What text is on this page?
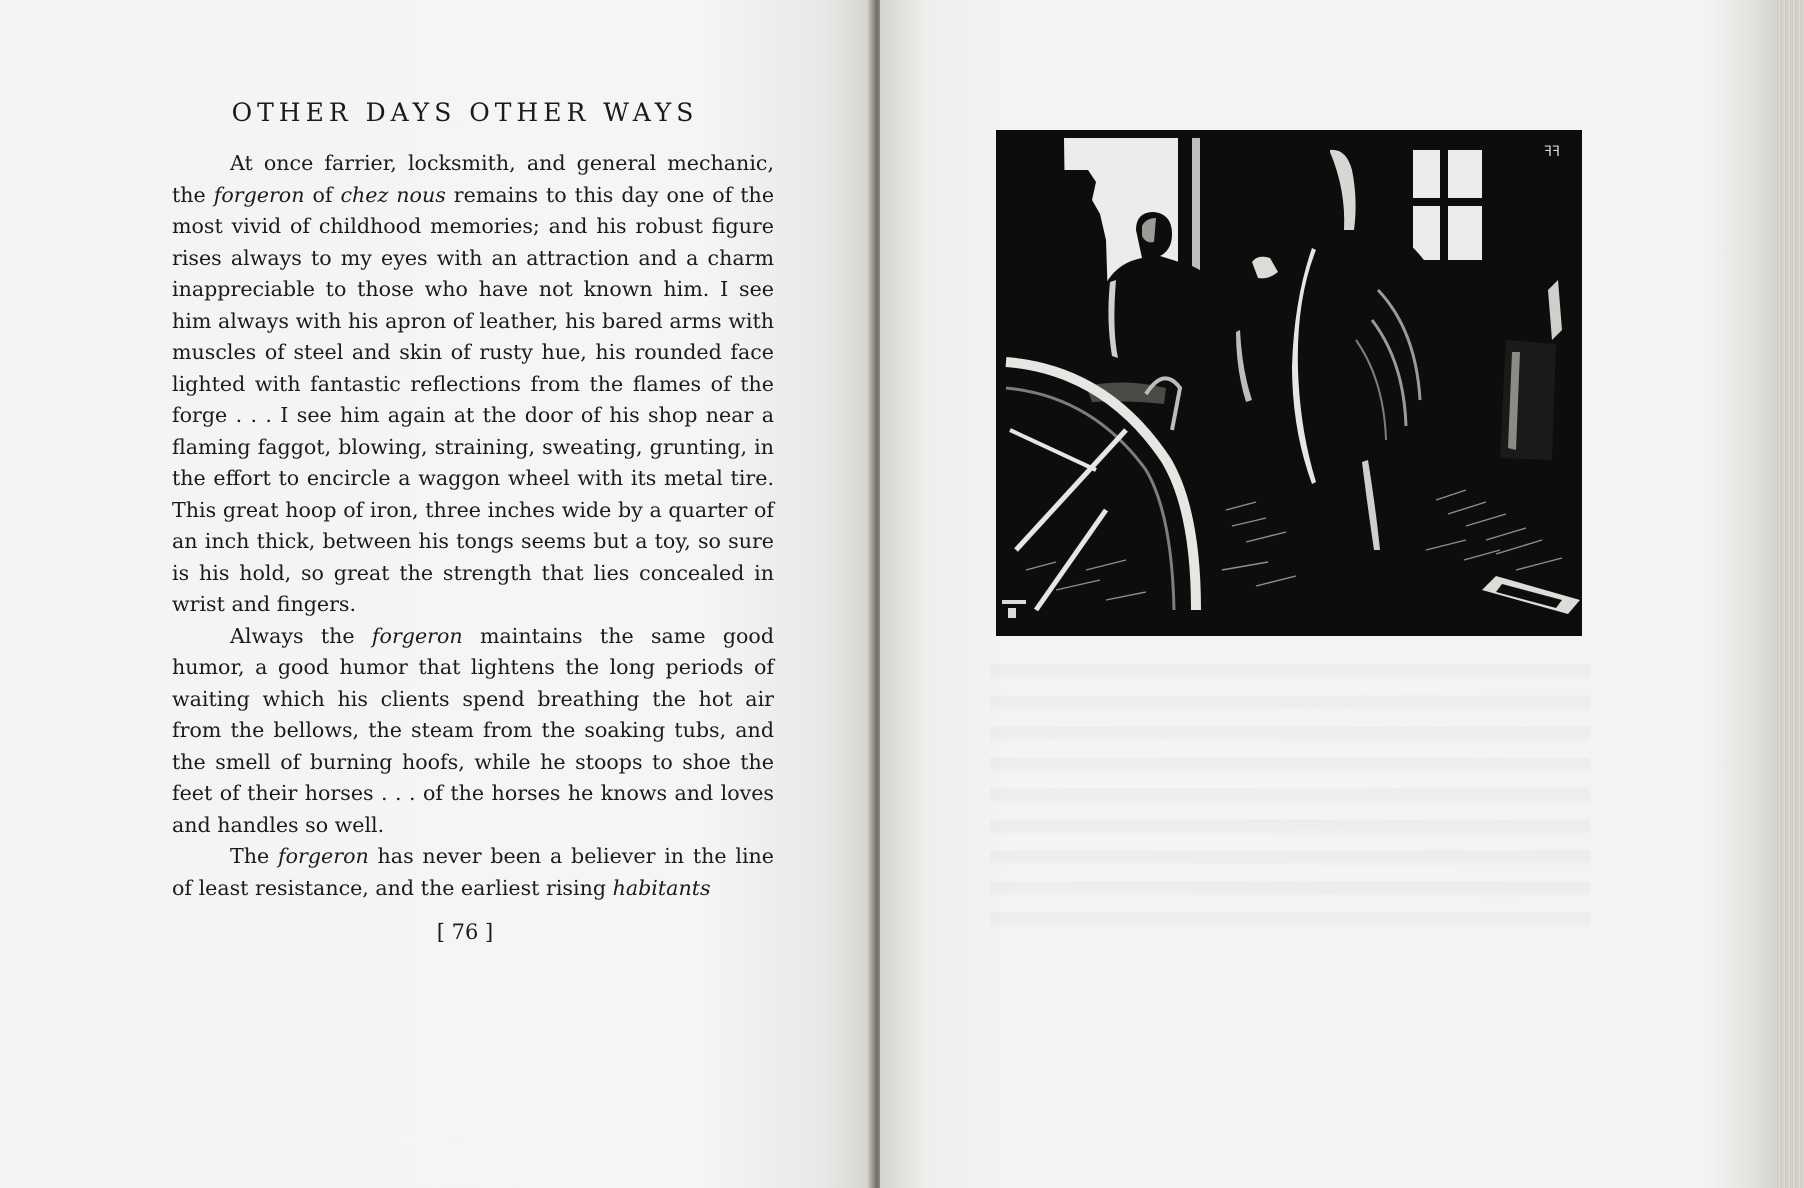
OTHER DAYS OTHER WAYS

At once farrier, locksmith, and general mechanic, the forgeron of chez nous remains to this day one of the most vivid of childhood memories; and his robust figure rises always to my eyes with an attraction and a charm inappreciable to those who have not known him. I see him always with his apron of leather, his bared arms with muscles of steel and skin of rusty hue, his rounded face lighted with fantastic reflections from the flames of the forge . . . I see him again at the door of his shop near a flaming faggot, blowing, straining, sweating, grunting, in the effort to encircle a waggon wheel with its metal tire. This great hoop of iron, three inches wide by a quarter of an inch thick, between his tongs seems but a toy, so sure is his hold, so great the strength that lies concealed in wrist and fingers.

Always the forgeron maintains the same good humor, a good humor that lightens the long periods of waiting which his clients spend breathing the hot air from the bellows, the steam from the soaking tubs, and the smell of burning hoofs, while he stoops to shoe the feet of their horses . . . of the horses he knows and loves and handles so well.

The forgeron has never been a believer in the line of least resistance, and the earliest rising habitants

[ 76 ]
ꟻꟻ
